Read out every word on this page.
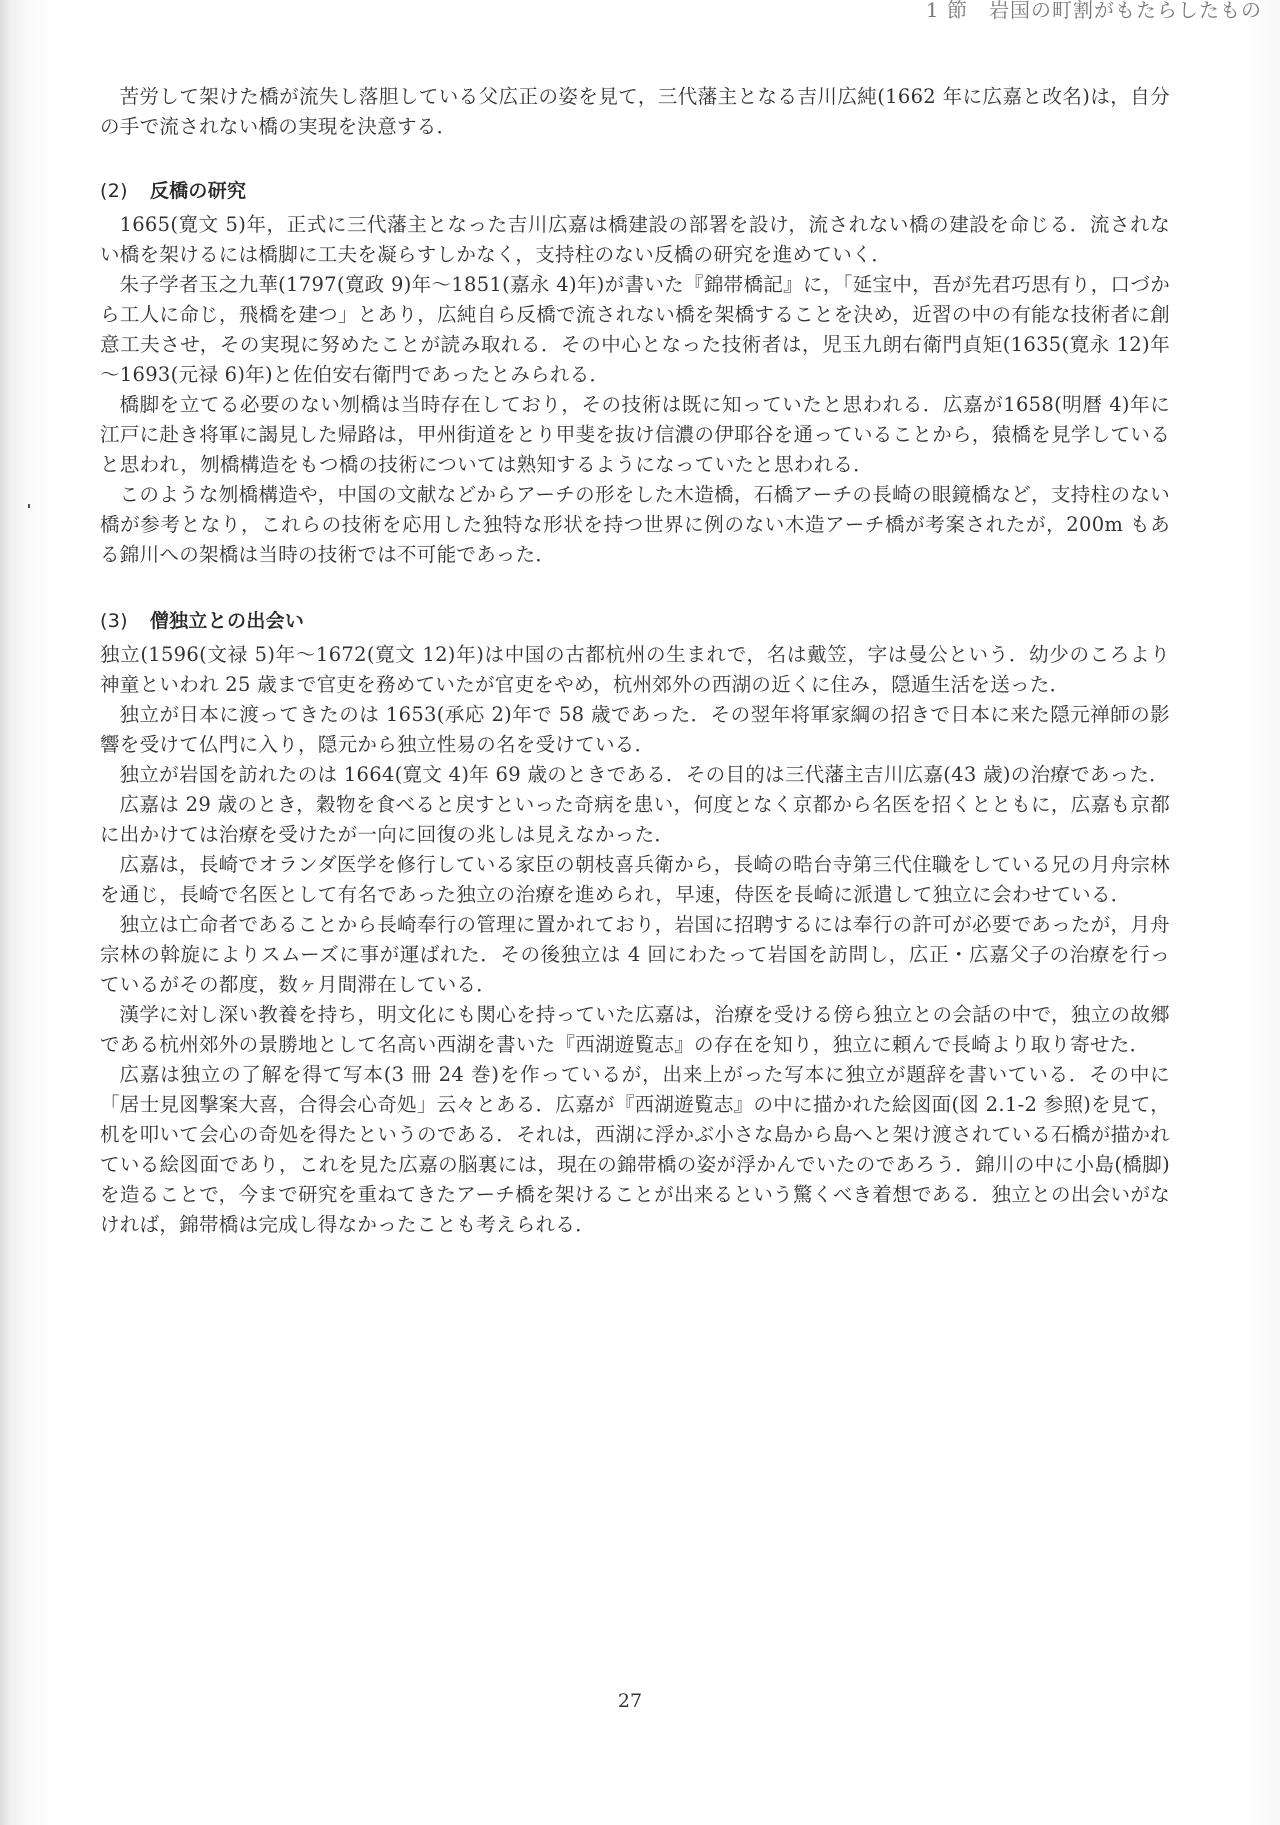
1 節　岩国の町割がもたらしたもの

苦労して架けた橋が流失し落胆している父広正の姿を見て，三代藩主となる吉川広純(1662 年に広嘉と改名)は，自分の手で流されない橋の実現を決意する．

(2) 反橋の研究

1665(寛文 5)年，正式に三代藩主となった吉川広嘉は橋建設の部署を設け，流されない橋の建設を命じる．流されない橋を架けるには橋脚に工夫を凝らすしかなく，支持柱のない反橋の研究を進めていく．

朱子学者玉之九華(1797(寛政 9)年～1851(嘉永 4)年)が書いた『錦帯橋記』に，「延宝中，吾が先君巧思有り，口づから工人に命じ，飛橋を建つ」とあり，広純自ら反橋で流されない橋を架橋することを決め，近習の中の有能な技術者に創意工夫させ，その実現に努めたことが読み取れる．その中心となった技術者は，児玉九朗右衛門貞矩(1635(寛永 12)年～1693(元禄 6)年)と佐伯安右衛門であったとみられる．

橋脚を立てる必要のない刎橋は当時存在しており，その技術は既に知っていたと思われる．広嘉が1658(明暦 4)年に江戸に赴き将軍に謁見した帰路は，甲州街道をとり甲斐を抜け信濃の伊耶谷を通っていることから，猿橋を見学していると思われ，刎橋構造をもつ橋の技術については熟知するようになっていたと思われる．

このような刎橋構造や，中国の文献などからアーチの形をした木造橋，石橋アーチの長崎の眼鏡橋など，支持柱のない橋が参考となり，これらの技術を応用した独特な形状を持つ世界に例のない木造アーチ橋が考案されたが，200m もある錦川への架橋は当時の技術では不可能であった．

(3) 僧独立との出会い

独立(1596(文禄 5)年～1672(寛文 12)年)は中国の古都杭州の生まれで，名は戴笠，字は曼公という．幼少のころより神童といわれ 25 歳まで官吏を務めていたが官吏をやめ，杭州郊外の西湖の近くに住み，隠遁生活を送った．

独立が日本に渡ってきたのは 1653(承応 2)年で 58 歳であった．その翌年将軍家綱の招きで日本に来た隠元禅師の影響を受けて仏門に入り，隠元から独立性易の名を受けている．

独立が岩国を訪れたのは 1664(寛文 4)年 69 歳のときである．その目的は三代藩主吉川広嘉(43 歳)の治療であった．

広嘉は 29 歳のとき，穀物を食べると戻すといった奇病を患い，何度となく京都から名医を招くとともに，広嘉も京都に出かけては治療を受けたが一向に回復の兆しは見えなかった．

広嘉は，長崎でオランダ医学を修行している家臣の朝枝喜兵衛から，長崎の晧台寺第三代住職をしている兄の月舟宗林を通じ，長崎で名医として有名であった独立の治療を進められ，早速，侍医を長崎に派遣して独立に会わせている．

独立は亡命者であることから長崎奉行の管理に置かれており，岩国に招聘するには奉行の許可が必要であったが，月舟宗林の斡旋によりスムーズに事が運ばれた．その後独立は 4 回にわたって岩国を訪問し，広正・広嘉父子の治療を行っているがその都度，数ヶ月間滞在している．

漢学に対し深い教養を持ち，明文化にも関心を持っていた広嘉は，治療を受ける傍ら独立との会話の中で，独立の故郷である杭州郊外の景勝地として名高い西湖を書いた『西湖遊覧志』の存在を知り，独立に頼んで長崎より取り寄せた．

広嘉は独立の了解を得て写本(3 冊 24 巻)を作っているが，出来上がった写本に独立が題辞を書いている．その中に「居士見図撃案大喜，合得会心奇処」云々とある．広嘉が『西湖遊覧志』の中に描かれた絵図面(図 2.1-2 参照)を見て，机を叩いて会心の奇処を得たというのである．それは，西湖に浮かぶ小さな島から島へと架け渡されている石橋が描かれている絵図面であり，これを見た広嘉の脳裏には，現在の錦帯橋の姿が浮かんでいたのであろう．錦川の中に小島(橋脚)を造ることで，今まで研究を重ねてきたアーチ橋を架けることが出来るという驚くべき着想である．独立との出会いがなければ，錦帯橋は完成し得なかったことも考えられる．

27
